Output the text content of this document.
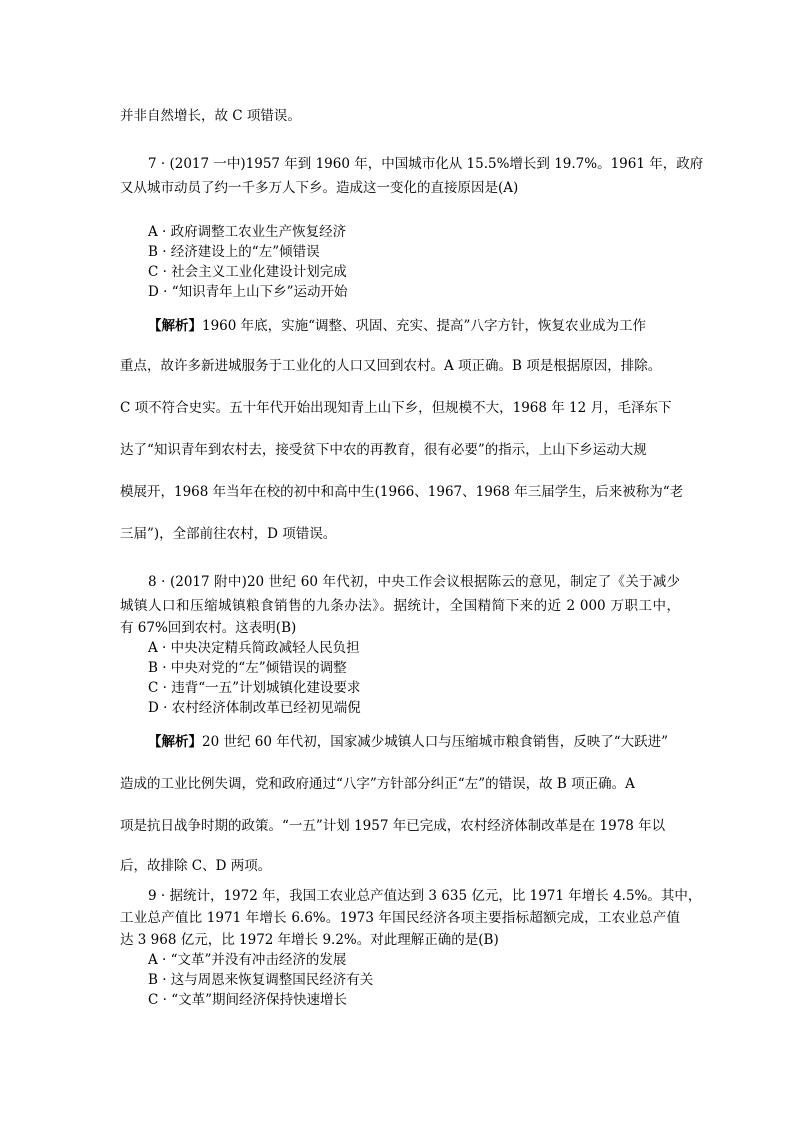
并非自然增长，故 C 项错误。

7 · (2017 一中)1957 年到 1960 年，中国城市化从 15.5%增长到 19.7%。1961 年，政府

又从城市动员了约一千多万人下乡。造成这一变化的直接原因是(A)

A · 政府调整工农业生产恢复经济

B · 经济建设上的“左”倾错误

C · 社会主义工业化建设计划完成

D · “知识青年上山下乡”运动开始

【解析】1960 年底，实施“调整、巩固、充实、提高”八字方针，恢复农业成为工作

重点，故许多新进城服务于工业化的人口又回到农村。A 项正确。B 项是根据原因，排除。

C 项不符合史实。五十年代开始出现知青上山下乡，但规模不大，1968 年 12 月，毛泽东下

达了“知识青年到农村去，接受贫下中农的再教育，很有必要”的指示，上山下乡运动大规

模展开，1968 年当年在校的初中和高中生(1966、1967、1968 年三届学生，后来被称为“老

三届”)，全部前往农村，D 项错误。

8 · (2017 附中)20 世纪 60 年代初，中央工作会议根据陈云的意见，制定了《关于减少

城镇人口和压缩城镇粮食销售的九条办法》。据统计，全国精简下来的近 2 000 万职工中，

有 67%回到农村。这表明(B)

A · 中央决定精兵简政减轻人民负担

B · 中央对党的“左”倾错误的调整

C · 违背“一五”计划城镇化建设要求

D · 农村经济体制改革已经初见端倪

【解析】20 世纪 60 年代初，国家减少城镇人口与压缩城市粮食销售，反映了“大跃进”

造成的工业比例失调，党和政府通过“八字”方针部分纠正“左”的错误，故 B 项正确。A

项是抗日战争时期的政策。“一五”计划 1957 年已完成，农村经济体制改革是在 1978 年以

后，故排除 C、D 两项。

9 · 据统计，1972 年，我国工农业总产值达到 3 635 亿元，比 1971 年增长 4.5%。其中，

工业总产值比 1971 年增长 6.6%。1973 年国民经济各项主要指标超额完成，工农业总产值

达 3 968 亿元，比 1972 年增长 9.2%。对此理解正确的是(B)

A · “文革”并没有冲击经济的发展

B · 这与周恩来恢复调整国民经济有关

C · “文革”期间经济保持快速增长
